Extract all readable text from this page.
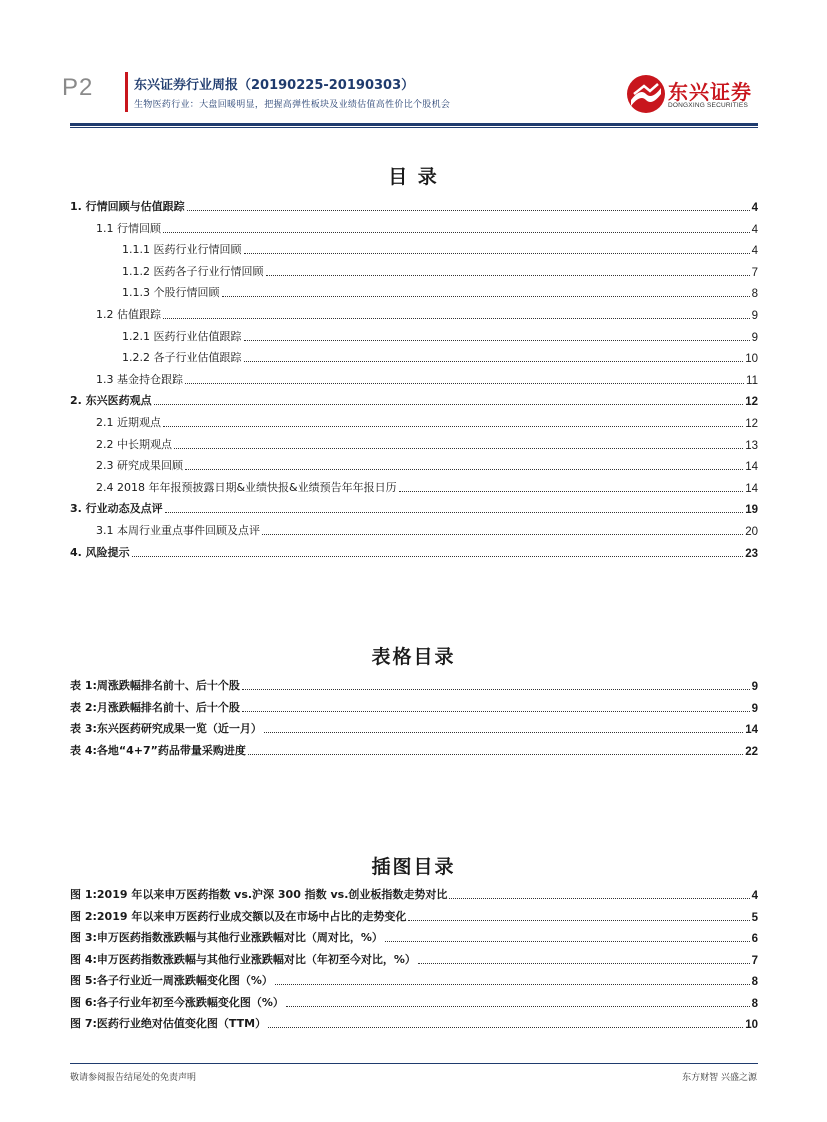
P2	东兴证券行业周报（20190225-20190303）
生物医药行业：大盘回暖明显，把握高弹性板块及业绩估值高性价比个股机会
东兴证券
DONGXING SECURITIES
目 录
1. 行情回顾与估值跟踪	4
1.1 行情回顾	4
1.1.1 医药行业行情回顾	4
1.1.2 医药各子行业行情回顾	7
1.1.3 个股行情回顾	8
1.2 估值跟踪	9
1.2.1 医药行业估值跟踪	9
1.2.2 各子行业估值跟踪	10
1.3 基金持仓跟踪	11
2. 东兴医药观点	12
2.1 近期观点	12
2.2 中长期观点	13
2.3 研究成果回顾	14
2.4 2018 年年报预披露日期&业绩快报&业绩预告年年报日历	14
3. 行业动态及点评	19
3.1 本周行业重点事件回顾及点评	20
4. 风险提示	23
表格目录
表 1:周涨跌幅排名前十、后十个股	9
表 2:月涨跌幅排名前十、后十个股	9
表 3:东兴医药研究成果一览（近一月）	14
表 4:各地“4+7”药品带量采购进度	22
插图目录
图 1:2019 年以来申万医药指数 vs.沪深 300 指数 vs.创业板指数走势对比	4
图 2:2019 年以来申万医药行业成交额以及在市场中占比的走势变化	5
图 3:申万医药指数涨跌幅与其他行业涨跌幅对比（周对比，%）	6
图 4:申万医药指数涨跌幅与其他行业涨跌幅对比（年初至今对比，%）	7
图 5:各子行业近一周涨跌幅变化图（%）	8
图 6:各子行业年初至今涨跌幅变化图（%）	8
图 7:医药行业绝对估值变化图（TTM）	10
敬请参阅报告结尾处的免责声明	东方财智 兴盛之源
